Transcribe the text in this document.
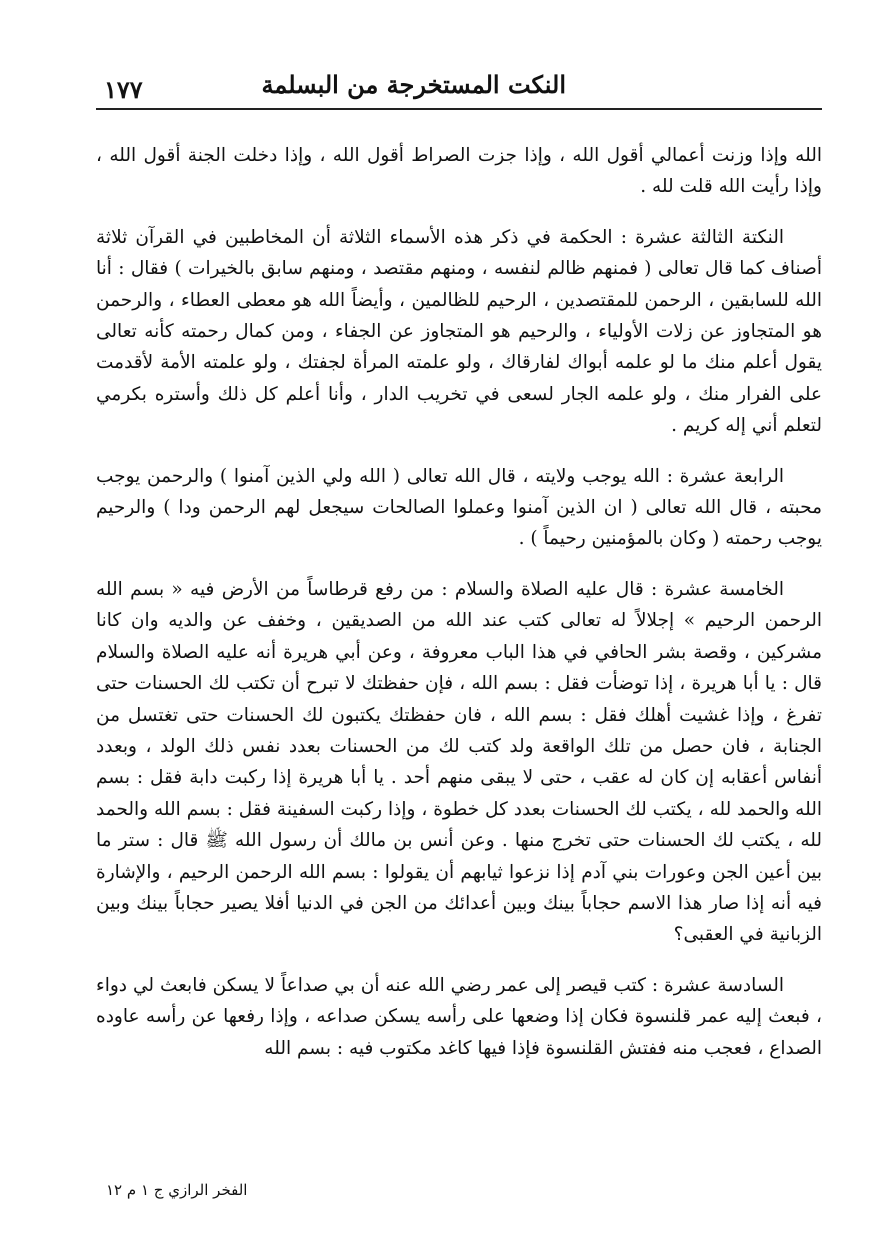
١٧٧	النكت المستخرجة من البسلمة

الله وإذا وزنت أعمالي أقول الله ، وإذا جزت الصراط أقول الله ، وإذا دخلت الجنة أقول الله ، وإذا رأيت الله قلت لله .

النكتة الثالثة عشرة : الحكمة في ذكر هذه الأسماء الثلاثة أن المخاطبين في القرآن ثلاثة أصناف كما قال تعالى ( فمنهم ظالم لنفسه ، ومنهم مقتصد ، ومنهم سابق بالخيرات ) فقال : أنا الله للسابقين ، الرحمن للمقتصدين ، الرحيم للظالمين ، وأيضاً الله هو معطى العطاء ، والرحمن هو المتجاوز عن زلات الأولياء ، والرحيم هو المتجاوز عن الجفاء ، ومن كمال رحمته كأنه تعالى يقول أعلم منك ما لو علمه أبواك لفارقاك ، ولو علمته المرأة لجفتك ، ولو علمته الأمة لأقدمت على الفرار منك ، ولو علمه الجار لسعى في تخريب الدار ، وأنا أعلم كل ذلك وأستره بكرمي لتعلم أني إله كريم .

الرابعة عشرة : الله يوجب ولايته ، قال الله تعالى ( الله ولي الذين آمنوا ) والرحمن يوجب محبته ، قال الله تعالى ( ان الذين آمنوا وعملوا الصالحات سيجعل لهم الرحمن ودا ) والرحيم يوجب رحمته ( وكان بالمؤمنين رحيماً ) .

الخامسة عشرة : قال عليه الصلاة والسلام : من رفع قرطاساً من الأرض فيه « بسم الله الرحمن الرحيم » إجلالاً له تعالى كتب عند الله من الصديقين ، وخفف عن والديه وان كانا مشركين ، وقصة بشر الحافي في هذا الباب معروفة ، وعن أبي هريرة أنه عليه الصلاة والسلام قال : يا أبا هريرة ، إذا توضأت فقل : بسم الله ، فإن حفظتك لا تبرح أن تكتب لك الحسنات حتى تفرغ ، وإذا غشيت أهلك فقل : بسم الله ، فان حفظتك يكتبون لك الحسنات حتى تغتسل من الجنابة ، فان حصل من تلك الواقعة ولد كتب لك من الحسنات بعدد نفس ذلك الولد ، وبعدد أنفاس أعقابه إن كان له عقب ، حتى لا يبقى منهم أحد . يا أبا هريرة إذا ركبت دابة فقل : بسم الله والحمد لله ، يكتب لك الحسنات بعدد كل خطوة ، وإذا ركبت السفينة فقل : بسم الله والحمد لله ، يكتب لك الحسنات حتى تخرج منها . وعن أنس بن مالك أن رسول الله ﷺ قال : ستر ما بين أعين الجن وعورات بني آدم إذا نزعوا ثيابهم أن يقولوا : بسم الله الرحمن الرحيم ، والإشارة فيه أنه إذا صار هذا الاسم حجاباً بينك وبين أعدائك من الجن في الدنيا أفلا يصير حجاباً بينك وبين الزبانية في العقبى؟

السادسة عشرة : كتب قيصر إلى عمر رضي الله عنه أن بي صداعاً لا يسكن فابعث لي دواء ، فبعث إليه عمر قلنسوة فكان إذا وضعها على رأسه يسكن صداعه ، وإذا رفعها عن رأسه عاوده الصداع ، فعجب منه ففتش القلنسوة فإذا فيها كاغد مكتوب فيه : بسم الله

الفخر الرازي ج ١ م ١٢
